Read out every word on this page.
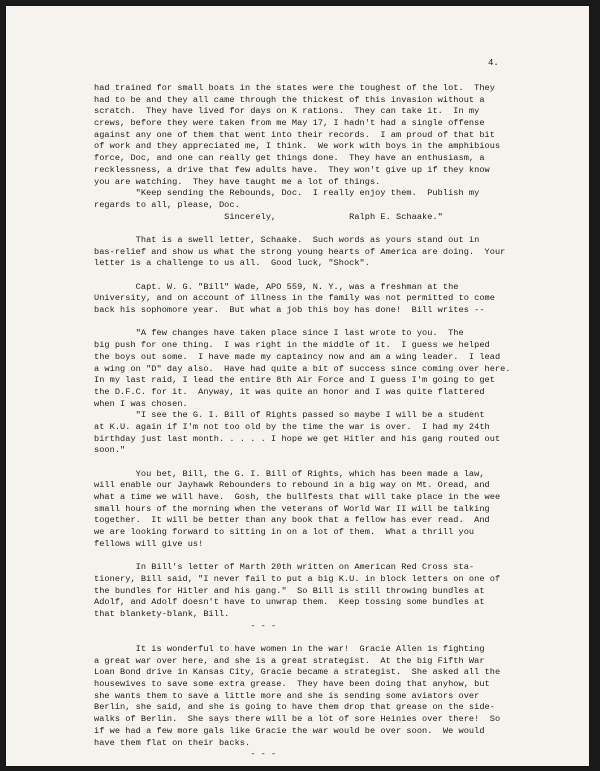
4.
had trained for small boats in the states were the toughest of the lot.  They
had to be and they all came through the thickest of this invasion without a
scratch.  They have lived for days on K rations.  They can take it.  In my
crews, before they were taken from me May 17, I hadn't had a single offense
against any one of them that went into their records.  I am proud of that bit
of work and they appreciated me, I think.  We work with boys in the amphibious
force, Doc, and one can really get things done.  They have an enthusiasm, a
recklessness, a drive that few adults have.  They won't give up if they know
you are watching.  They have taught me a lot of things.
"Keep sending the Rebounds, Doc.  I really enjoy them.  Publish my
regards to all, please, Doc.
Sincerely,              Ralph E. Schaake."
That is a swell letter, Schaake.  Such words as yours stand out in
bas-relief and show us what the strong young hearts of America are doing.  Your
letter is a challenge to us all.  Good luck, "Shock".
Capt. W. G. "Bill" Wade, APO 559, N. Y., was a freshman at the
University, and on account of illness in the family was not permitted to come
back his sophomore year.  But what a job this boy has done!  Bill writes --
"A few changes have taken place since I last wrote to you.  The
big push for one thing.  I was right in the middle of it.  I guess we helped
the boys out some.  I have made my captaincy now and am a wing leader.  I lead
a wing on "D" day also.  Have had quite a bit of success since coming over here.
In my last raid, I lead the entire 8th Air Force and I guess I'm going to get
the D.F.C. for it.  Anyway, it was quite an honor and I was quite flattered
when I was chosen.
"I see the G. I. Bill of Rights passed so maybe I will be a student
at K.U. again if I'm not too old by the time the war is over.  I had my 24th
birthday just last month. . . . . I hope we get Hitler and his gang routed out
soon."
You bet, Bill, the G. I. Bill of Rights, which has been made a law,
will enable our Jayhawk Rebounders to rebound in a big way on Mt. Oread, and
what a time we will have.  Gosh, the bullfests that will take place in the wee
small hours of the morning when the veterans of World War II will be talking
together.  It will be better than any book that a fellow has ever read.  And
we are looking forward to sitting in on a lot of them.  What a thrill you
fellows will give us!
In Bill's letter of Marth 20th written on American Red Cross sta-
tionery, Bill said, "I never fail to put a big K.U. in block letters on one of
the bundles for Hitler and his gang."  So Bill is still throwing bundles at
Adolf, and Adolf doesn't have to unwrap them.  Keep tossing some bundles at
that blankety-blank, Bill.
- - -
It is wonderful to have women in the war!  Gracie Allen is fighting
a great war over here, and she is a great strategist.  At the big Fifth War
Loan Bond drive in Kansas City, Gracie became a strategist.  She asked all the
housewives to save some extra grease.  They have been doing that anyhow, but
she wants them to save a little more and she is sending some aviators over
Berlin, she said, and she is going to have them drop that grease on the side-
walks of Berlin.  She says there will be a lot of sore Heinies over there!  So
if we had a few more gals like Gracie the war would be over soon.  We would
have them flat on their backs.
- - -
